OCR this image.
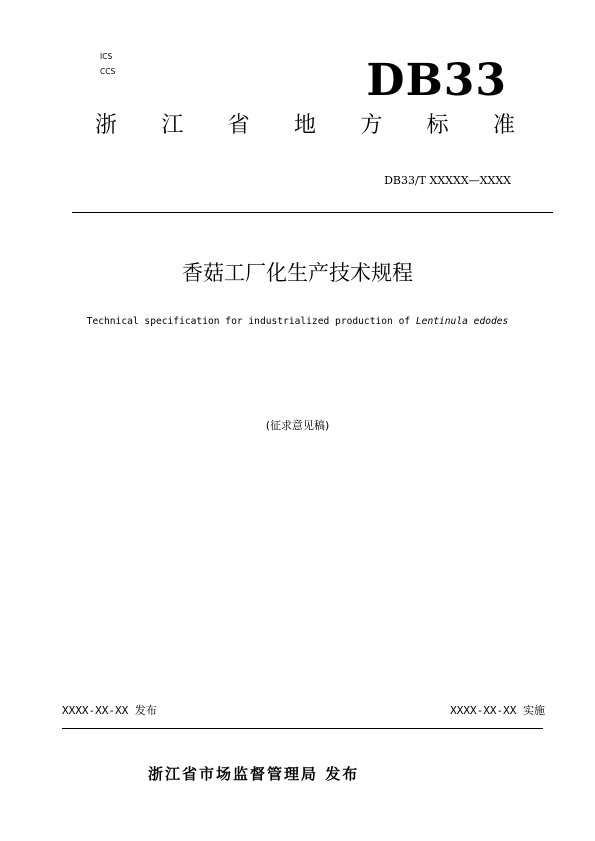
ICS
CCS	DB33
浙 江 省 地 方 标 准
DB33/T XXXXX—XXXX
香菇工厂化生产技术规程
Technical specification for industrialized production of Lentinula edodes
(征求意见稿)
XXXX-XX-XX 发布	XXXX-XX-XX 实施
浙江省市场监督管理局 发布
